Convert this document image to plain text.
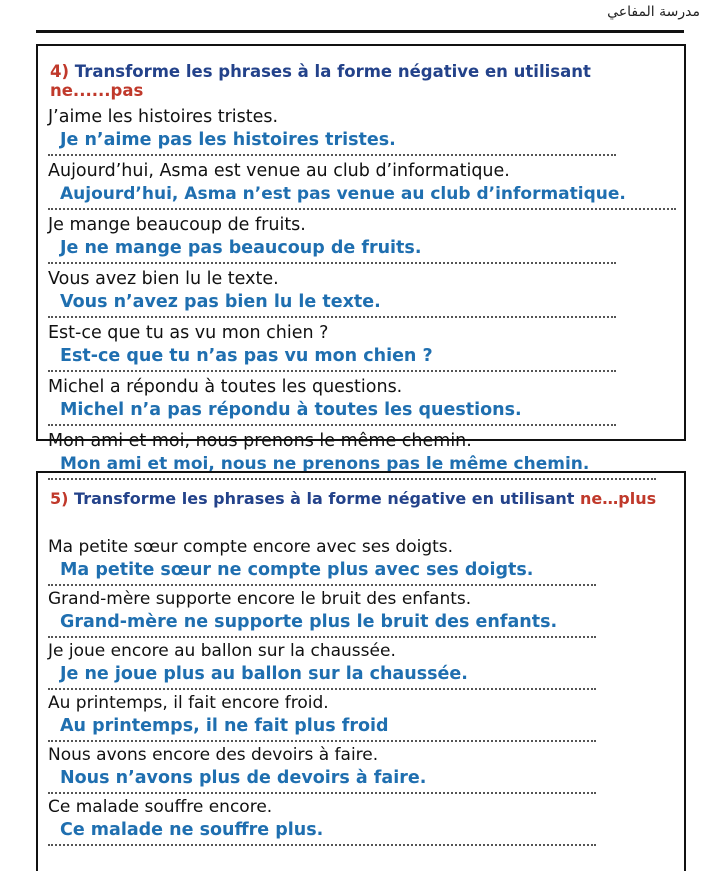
مدرسة المفاعي
4) Transforme les phrases à la forme négative en utilisant ne......pas
J’aime les histoires tristes.
Je n’aime pas les histoires tristes.
Aujourd’hui, Asma est venue au club d’informatique.
Aujourd’hui, Asma n’est pas venue au club d’informatique.
Je mange beaucoup de fruits.
Je ne mange pas beaucoup de fruits.
Vous avez bien lu le texte.
Vous n’avez pas bien lu le texte.
Est-ce que tu as vu mon chien ?
Est-ce que tu n’as pas vu mon chien ?
Michel a répondu à toutes les questions.
Michel n’a pas répondu à toutes les questions.
Mon ami et moi, nous prenons le même chemin.
Mon ami et moi, nous ne prenons pas le même chemin.
5) Transforme les phrases à la forme négative en utilisant ne…plus
Ma petite sœur compte encore avec ses doigts.
Ma petite sœur ne compte plus avec ses doigts.
Grand-mère supporte encore le bruit des enfants.
Grand-mère ne supporte plus le bruit des enfants.
Je joue encore au ballon sur la chaussée.
Je ne joue plus au ballon sur la chaussée.
Au printemps, il fait encore froid.
Au printemps, il ne fait plus froid
Nous avons encore des devoirs à faire.
Nous n’avons plus de devoirs à faire.
Ce malade souffre encore.
Ce malade ne souffre plus.
